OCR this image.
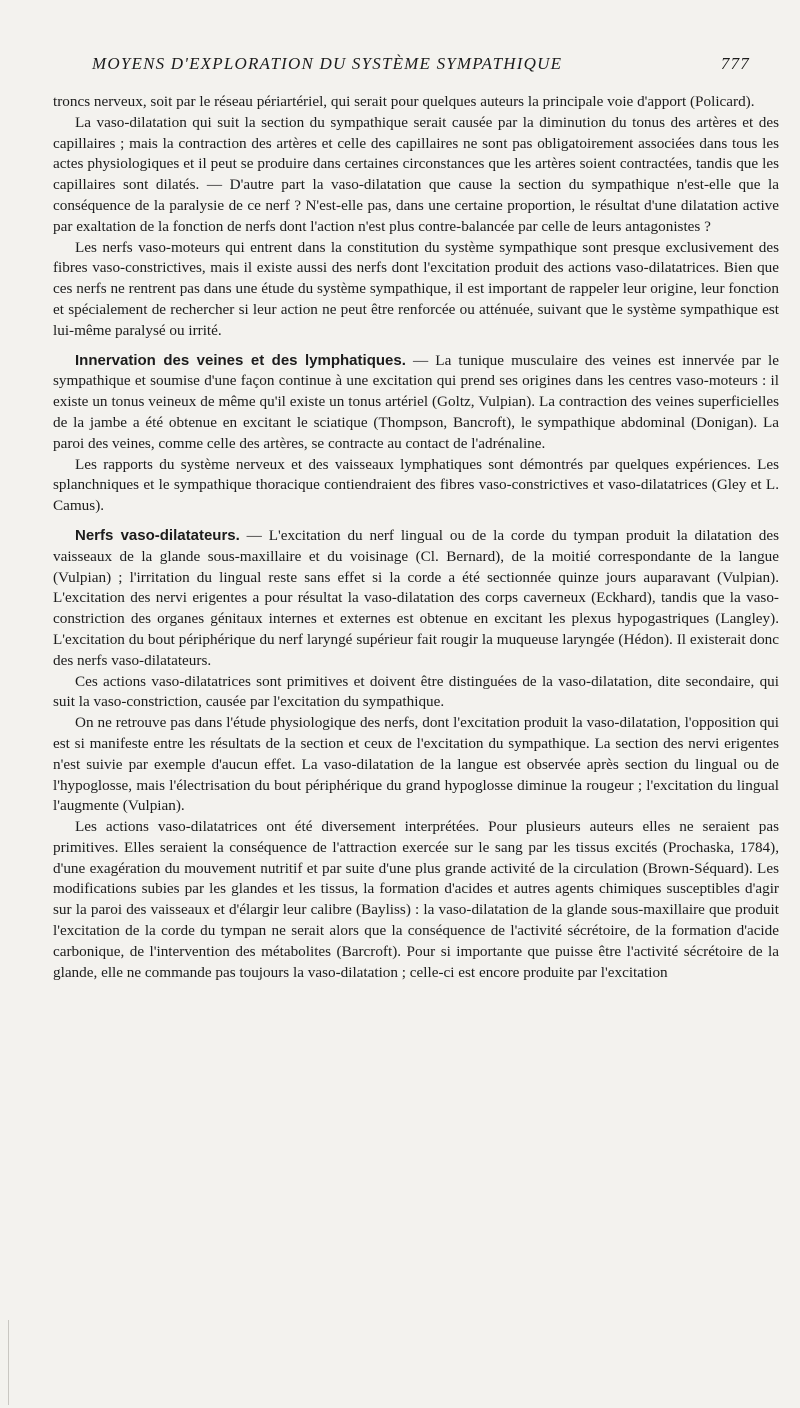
MOYENS D'EXPLORATION DU SYSTÈME SYMPATHIQUE	777

troncs nerveux, soit par le réseau périartériel, qui serait pour quelques auteurs la principale voie d'apport (Policard).

La vaso-dilatation qui suit la section du sympathique serait causée par la diminution du tonus des artères et des capillaires ; mais la contraction des artères et celle des capillaires ne sont pas obligatoirement associées dans tous les actes physiologiques et il peut se produire dans certaines circonstances que les artères soient contractées, tandis que les capillaires sont dilatés. — D'autre part la vaso-dilatation que cause la section du sympathique n'est-elle que la conséquence de la paralysie de ce nerf ? N'est-elle pas, dans une certaine proportion, le résultat d'une dilatation active par exaltation de la fonction de nerfs dont l'action n'est plus contre-balancée par celle de leurs antagonistes ?

Les nerfs vaso-moteurs qui entrent dans la constitution du système sympathique sont presque exclusivement des fibres vaso-constrictives, mais il existe aussi des nerfs dont l'excitation produit des actions vaso-dilatatrices. Bien que ces nerfs ne rentrent pas dans une étude du système sympathique, il est important de rappeler leur origine, leur fonction et spécialement de rechercher si leur action ne peut être renforcée ou atténuée, suivant que le système sympathique est lui-même paralysé ou irrité.

Innervation des veines et des lymphatiques. — La tunique musculaire des veines est innervée par le sympathique et soumise d'une façon continue à une excitation qui prend ses origines dans les centres vaso-moteurs : il existe un tonus veineux de même qu'il existe un tonus artériel (Goltz, Vulpian). La contraction des veines superficielles de la jambe a été obtenue en excitant le sciatique (Thompson, Bancroft), le sympathique abdominal (Donigan). La paroi des veines, comme celle des artères, se contracte au contact de l'adrénaline.

Les rapports du système nerveux et des vaisseaux lymphatiques sont démontrés par quelques expériences. Les splanchniques et le sympathique thoracique contiendraient des fibres vaso-constrictives et vaso-dilatatrices (Gley et L. Camus).

Nerfs vaso-dilatateurs. — L'excitation du nerf lingual ou de la corde du tympan produit la dilatation des vaisseaux de la glande sous-maxillaire et du voisinage (Cl. Bernard), de la moitié correspondante de la langue (Vulpian) ; l'irritation du lingual reste sans effet si la corde a été sectionnée quinze jours auparavant (Vulpian). L'excitation des nervi erigentes a pour résultat la vaso-dilatation des corps caverneux (Eckhard), tandis que la vaso-constriction des organes génitaux internes et externes est obtenue en excitant les plexus hypogastriques (Langley). L'excitation du bout périphérique du nerf laryngé supérieur fait rougir la muqueuse laryngée (Hédon). Il existerait donc des nerfs vaso-dilatateurs.

Ces actions vaso-dilatatrices sont primitives et doivent être distinguées de la vaso-dilatation, dite secondaire, qui suit la vaso-constriction, causée par l'excitation du sympathique.

On ne retrouve pas dans l'étude physiologique des nerfs, dont l'excitation produit la vaso-dilatation, l'opposition qui est si manifeste entre les résultats de la section et ceux de l'excitation du sympathique. La section des nervi erigentes n'est suivie par exemple d'aucun effet. La vaso-dilatation de la langue est observée après section du lingual ou de l'hypoglosse, mais l'électrisation du bout périphérique du grand hypoglosse diminue la rougeur ; l'excitation du lingual l'augmente (Vulpian).

Les actions vaso-dilatatrices ont été diversement interprétées. Pour plusieurs auteurs elles ne seraient pas primitives. Elles seraient la conséquence de l'attraction exercée sur le sang par les tissus excités (Prochaska, 1784), d'une exagération du mouvement nutritif et par suite d'une plus grande activité de la circulation (Brown-Séquard). Les modifications subies par les glandes et les tissus, la formation d'acides et autres agents chimiques susceptibles d'agir sur la paroi des vaisseaux et d'élargir leur calibre (Bayliss) : la vaso-dilatation de la glande sous-maxillaire que produit l'excitation de la corde du tympan ne serait alors que la conséquence de l'activité sécrétoire, de la formation d'acide carbonique, de l'intervention des métabolites (Barcroft). Pour si importante que puisse être l'activité sécrétoire de la glande, elle ne commande pas toujours la vaso-dilatation ; celle-ci est encore produite par l'excitation
